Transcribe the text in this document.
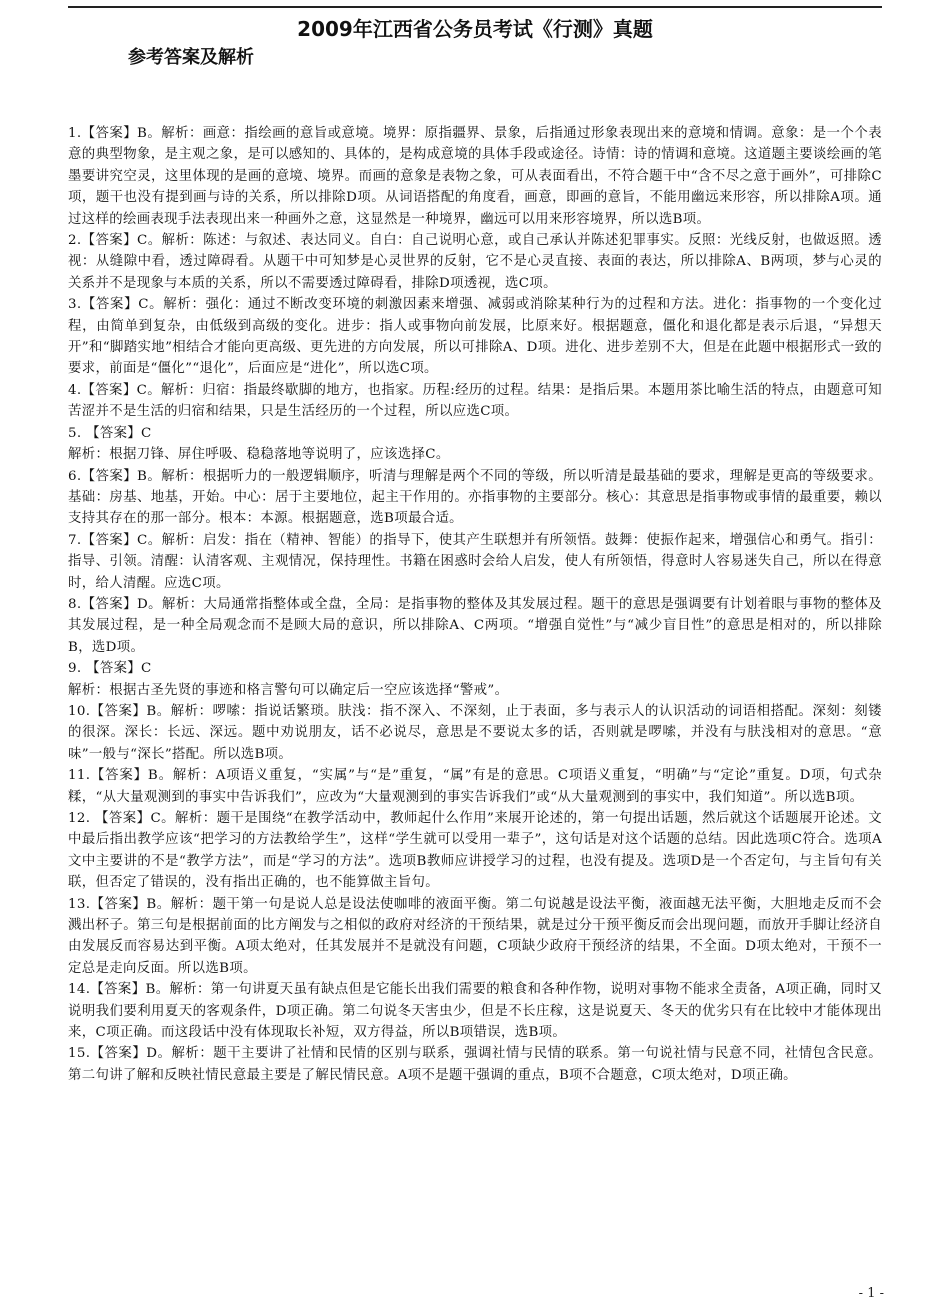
2009年江西省公务员考试《行测》真题
参考答案及解析

1.【答案】B。解析：画意：指绘画的意旨或意境。境界：原指疆界、景象，后指通过形象表现出来的意境和情调。意象：是一个个表意的典型物象，是主观之象，是可以感知的、具体的，是构成意境的具体手段或途径。诗情：诗的情调和意境。这道题主要谈绘画的笔墨要讲究空灵，这里体现的是画的意境、境界。而画的意象是表物之象，可从表面看出，不符合题干中“含不尽之意于画外”，可排除C项，题干也没有提到画与诗的关系，所以排除D项。从词语搭配的角度看，画意，即画的意旨，不能用幽远来形容，所以排除A项。通过这样的绘画表现手法表现出来一种画外之意，这显然是一种境界，幽远可以用来形容境界，所以选B项。

2.【答案】C。解析：陈述：与叙述、表达同义。自白：自己说明心意，或自己承认并陈述犯罪事实。反照：光线反射，也做返照。透视：从缝隙中看，透过障碍看。从题干中可知梦是心灵世界的反射，它不是心灵直接、表面的表达，所以排除A、B两项，梦与心灵的关系并不是现象与本质的关系，所以不需要透过障碍看，排除D项透视，选C项。

3.【答案】C。解析：强化：通过不断改变环境的刺激因素来增强、减弱或消除某种行为的过程和方法。进化：指事物的一个变化过程，由简单到复杂，由低级到高级的变化。进步：指人或事物向前发展，比原来好。根据题意，僵化和退化都是表示后退，“异想天开”和“脚踏实地”相结合才能向更高级、更先进的方向发展，所以可排除A、D项。进化、进步差别不大，但是在此题中根据形式一致的要求，前面是“僵化”“退化”，后面应是“进化”，所以选C项。

4.【答案】C。解析：归宿：指最终歇脚的地方，也指家。历程:经历的过程。结果：是指后果。本题用茶比喻生活的特点，由题意可知苦涩并不是生活的归宿和结果，只是生活经历的一个过程，所以应选C项。

5. 【答案】C

解析：根据刀锋、屏住呼吸、稳稳落地等说明了，应该选择C。

6.【答案】B。解析：根据听力的一般逻辑顺序，听清与理解是两个不同的等级，所以听清是最基础的要求，理解是更高的等级要求。基础：房基、地基，开始。中心：居于主要地位，起主干作用的。亦指事物的主要部分。核心：其意思是指事物或事情的最重要，赖以支持其存在的那一部分。根本：本源。根据题意，选B项最合适。

7.【答案】C。解析：启发：指在（精神、智能）的指导下，使其产生联想并有所领悟。鼓舞：使振作起来，增强信心和勇气。指引：指导、引领。清醒：认清客观、主观情况，保持理性。书籍在困惑时会给人启发，使人有所领悟，得意时人容易迷失自己，所以在得意时，给人清醒。应选C项。

8.【答案】D。解析：大局通常指整体或全盘，全局：是指事物的整体及其发展过程。题干的意思是强调要有计划着眼与事物的整体及其发展过程，是一种全局观念而不是顾大局的意识，所以排除A、C两项。“增强自觉性”与“减少盲目性”的意思是相对的，所以排除B，选D项。

9. 【答案】C

解析：根据古圣先贤的事迹和格言警句可以确定后一空应该选择“警戒”。

10.【答案】B。解析：啰嗦：指说话繁琐。肤浅：指不深入、不深刻，止于表面，多与表示人的认识活动的词语相搭配。深刻：刻镂的很深。深长：长远、深远。题中劝说朋友，话不必说尽，意思是不要说太多的话，否则就是啰嗦，并没有与肤浅相对的意思。“意味”一般与“深长”搭配。所以选B项。

11.【答案】B。解析：A项语义重复，“实属”与“是”重复，“属”有是的意思。C项语义重复，“明确”与“定论”重复。D项，句式杂糅，“从大量观测到的事实中告诉我们”，应改为“大量观测到的事实告诉我们”或“从大量观测到的事实中，我们知道”。所以选B项。

12. 【答案】C。解析：题干是围绕“在教学活动中，教师起什么作用”来展开论述的，第一句提出话题，然后就这个话题展开论述。文中最后指出教学应该“把学习的方法教给学生”，这样“学生就可以受用一辈子”，这句话是对这个话题的总结。因此选项C符合。选项A文中主要讲的不是“教学方法”，而是“学习的方法”。选项B教师应讲授学习的过程，也没有提及。选项D是一个否定句，与主旨句有关联，但否定了错误的，没有指出正确的，也不能算做主旨句。

13.【答案】B。解析：题干第一句是说人总是设法使咖啡的液面平衡。第二句说越是设法平衡，液面越无法平衡，大胆地走反而不会溅出杯子。第三句是根据前面的比方阐发与之相似的政府对经济的干预结果，就是过分干预平衡反而会出现问题，而放开手脚让经济自由发展反而容易达到平衡。A项太绝对，任其发展并不是就没有问题，C项缺少政府干预经济的结果，不全面。D项太绝对，干预不一定总是走向反面。所以选B项。

14.【答案】B。解析：第一句讲夏天虽有缺点但是它能长出我们需要的粮食和各种作物，说明对事物不能求全责备，A项正确，同时又说明我们要利用夏天的客观条件，D项正确。第二句说冬天害虫少，但是不长庄稼，这是说夏天、冬天的优劣只有在比较中才能体现出来，C项正确。而这段话中没有体现取长补短，双方得益，所以B项错误，选B项。

15.【答案】D。解析：题干主要讲了社情和民情的区别与联系，强调社情与民情的联系。第一句说社情与民意不同，社情包含民意。第二句讲了解和反映社情民意最主要是了解民情民意。A项不是题干强调的重点，B项不合题意，C项太绝对，D项正确。

- 1 -
